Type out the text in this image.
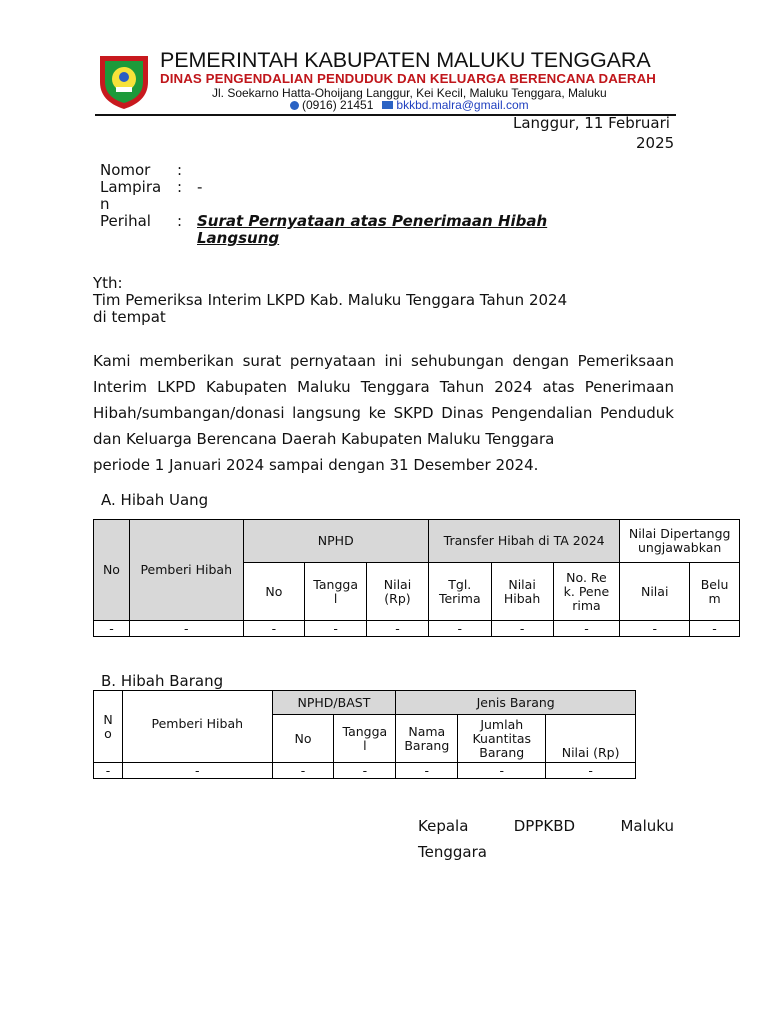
PEMERINTAH KABUPATEN MALUKU TENGGARA
DINAS PENGENDALIAN PENDUDUK DAN KELUARGA BERENCANA DAERAH
Jl. Soekarno Hatta-Ohoijang Langgur, Kei Kecil, Maluku Tenggara, Maluku
(0916) 21451 bkkbd.malra@gmail.com
Langgur, 11 Februari
2025
Nomor :
Lampira
n
: -
Perihal : Surat Pernyataan atas Penerimaan Hibah Langsung
Yth:
Tim Pemeriksa Interim LKPD Kab. Maluku Tenggara Tahun 2024
di tempat
Kami memberikan surat pernyataan ini sehubungan dengan Pemeriksaan Interim LKPD Kabupaten Maluku Tenggara Tahun 2024 atas Penerimaan Hibah/sumbangan/donasi langsung ke SKPD Dinas Pengendalian Penduduk dan Keluarga Berencana Daerah Kabupaten Maluku Tenggara
periode 1 Januari 2024 sampai dengan 31 Desember 2024.
A. Hibah Uang
No	Pemberi Hibah	NPHD			Transfer Hibah di TA 2024			Nilai Dipertanggungjawabkan	
		No	Tanggal	Nilai (Rp)	Tgl. Terima	Nilai Hibah	No. Rek. Penerima	Nilai	Belum
-	-	-	-	-	-	-	-	-	-
B. Hibah Barang
No	Pemberi Hibah	NPHD/BAST		Jenis Barang		
		No	Tanggal	Nama Barang	Jumlah Kuantitas Barang	Nilai (Rp)
-	-	-	-	-	-	-
Kepala	DPPKBD	Maluku
Tenggara
